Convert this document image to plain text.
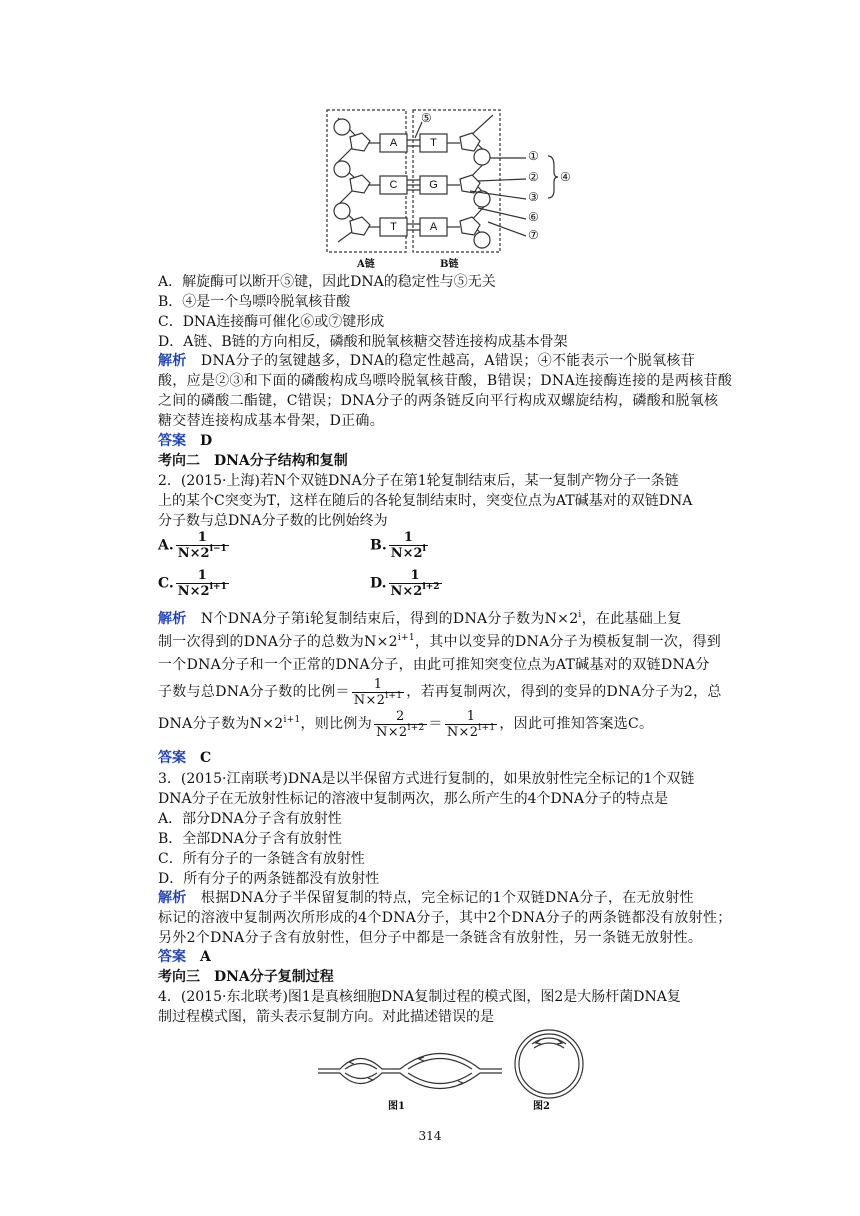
A	T
C	G
T	A
⑤
①
②
③
⑥
⑦
④
A链	B链
A．解旋酶可以断开⑤键，因此DNA的稳定性与⑤无关
B．④是一个鸟嘌呤脱氧核苷酸
C．DNA连接酶可催化⑥或⑦键形成
D．A链、B链的方向相反，磷酸和脱氧核糖交替连接构成基本骨架
解析　 DNA分子的氢键越多，DNA的稳定性越高，A错误；④不能表示一个脱氧核苷
酸，应是②③和下面的磷酸构成鸟嘌呤脱氧核苷酸，B错误；DNA连接酶连接的是两核苷酸
之间的磷酸二酯键，C错误；DNA分子的两条链反向平行构成双螺旋结构，磷酸和脱氧核
糖交替连接构成基本骨架，D正确。
答案　 D
考向二　DNA分子结构和复制
2．(2015·上海)若N个双链DNA分子在第1轮复制结束后，某一复制产物分子一条链
上的某个C突变为T，这样在随后的各轮复制结束时，突变位点为AT碱基对的双链DNA
分子数与总DNA分子数的比例始终为
A. $\frac{1}{N\times 2^{i-1}}$	B. $\frac{1}{N\times 2^i}$
C. $\frac{1}{N\times 2^{i+1}}$	D. $\frac{1}{N\times 2^{i+2}}$
解析　 N个DNA分子第i轮复制结束后，得到的DNA分子数为$N\times 2^i$，在此基础上复
制一次得到的DNA分子的总数为$N\times 2^{i+1}$，其中以变异的DNA分子为模板复制一次，得到
一个DNA分子和一个正常的DNA分子，由此可推知突变位点为AT碱基对的双链DNA分
子数与总DNA分子数的比例＝ $\frac{1}{N\times 2^{i+1}}$ ，若再复制两次，得到的变异的DNA分子为2，总
DNA分子数为$N\times 2^{i+1}$，则比例为 $\frac{2}{N\times 2^{i+2}} = \frac{1}{N\times 2^{i+1}}$ ，因此可推知答案选C。
答案　 C
3．(2015·江南联考)DNA是以半保留方式进行复制的，如果放射性完全标记的1个双链
DNA分子在无放射性标记的溶液中复制两次，那么所产生的4个DNA分子的特点是
A．部分DNA分子含有放射性
B．全部DNA分子含有放射性
C．所有分子的一条链含有放射性
D．所有分子的两条链都没有放射性
解析　 根据DNA分子半保留复制的特点，完全标记的1个双链DNA分子，在无放射性
标记的溶液中复制两次所形成的4个DNA分子，其中2个DNA分子的两条链都没有放射性；
另外2个DNA分子含有放射性，但分子中都是一条链含有放射性，另一条链无放射性。
答案　 A
考向三　DNA分子复制过程
4．(2015·东北联考)图1是真核细胞DNA复制过程的模式图，图2是大肠杆菌DNA复
制过程模式图，箭头表示复制方向。对此描述错误的是
图1	图2
314
